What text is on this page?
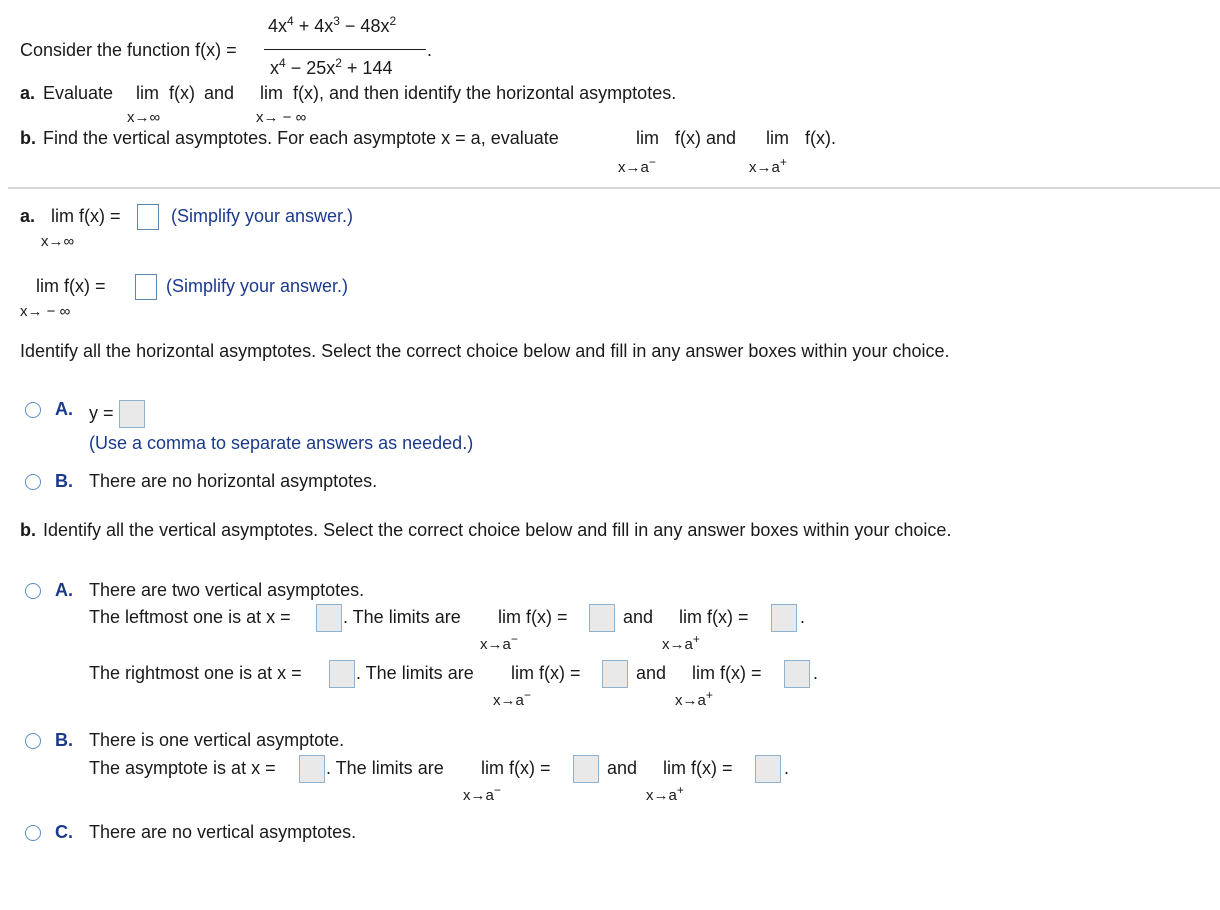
Consider the function f(x) =
$4x^4 + 4x^3 - 48x^2$
$x^4 - 25x^2 + 144$
.
a. Evaluate lim f(x) and
x→∞
lim f(x), and then identify the horizontal asymptotes.
x→ − ∞
b. Find the vertical asymptotes. For each asymptote x = a, evaluate	lim f(x) and
x→a−
lim f(x).
x→a+
a. lim f(x) =
x→∞
(Simplify your answer.)
lim f(x) =
x→ − ∞
(Simplify your answer.)
Identify all the horizontal asymptotes. Select the correct choice below and fill in any answer boxes within your choice.
A. y =
(Use a comma to separate answers as needed.)
B. There are no horizontal asymptotes.
b. Identify all the vertical asymptotes. Select the correct choice below and fill in any answer boxes within your choice.
A. There are two vertical asymptotes.
The leftmost one is at x =	. The limits are lim f(x) =
x→a−
and lim f(x) =
x→a+
.
The rightmost one is at x =	. The limits are lim f(x) =
x→a−
and lim f(x) =
x→a+
.
B. There is one vertical asymptote.
The asymptote is at x =	. The limits are lim f(x) =
x→a−
and lim f(x) =
x→a+
.
C. There are no vertical asymptotes.
